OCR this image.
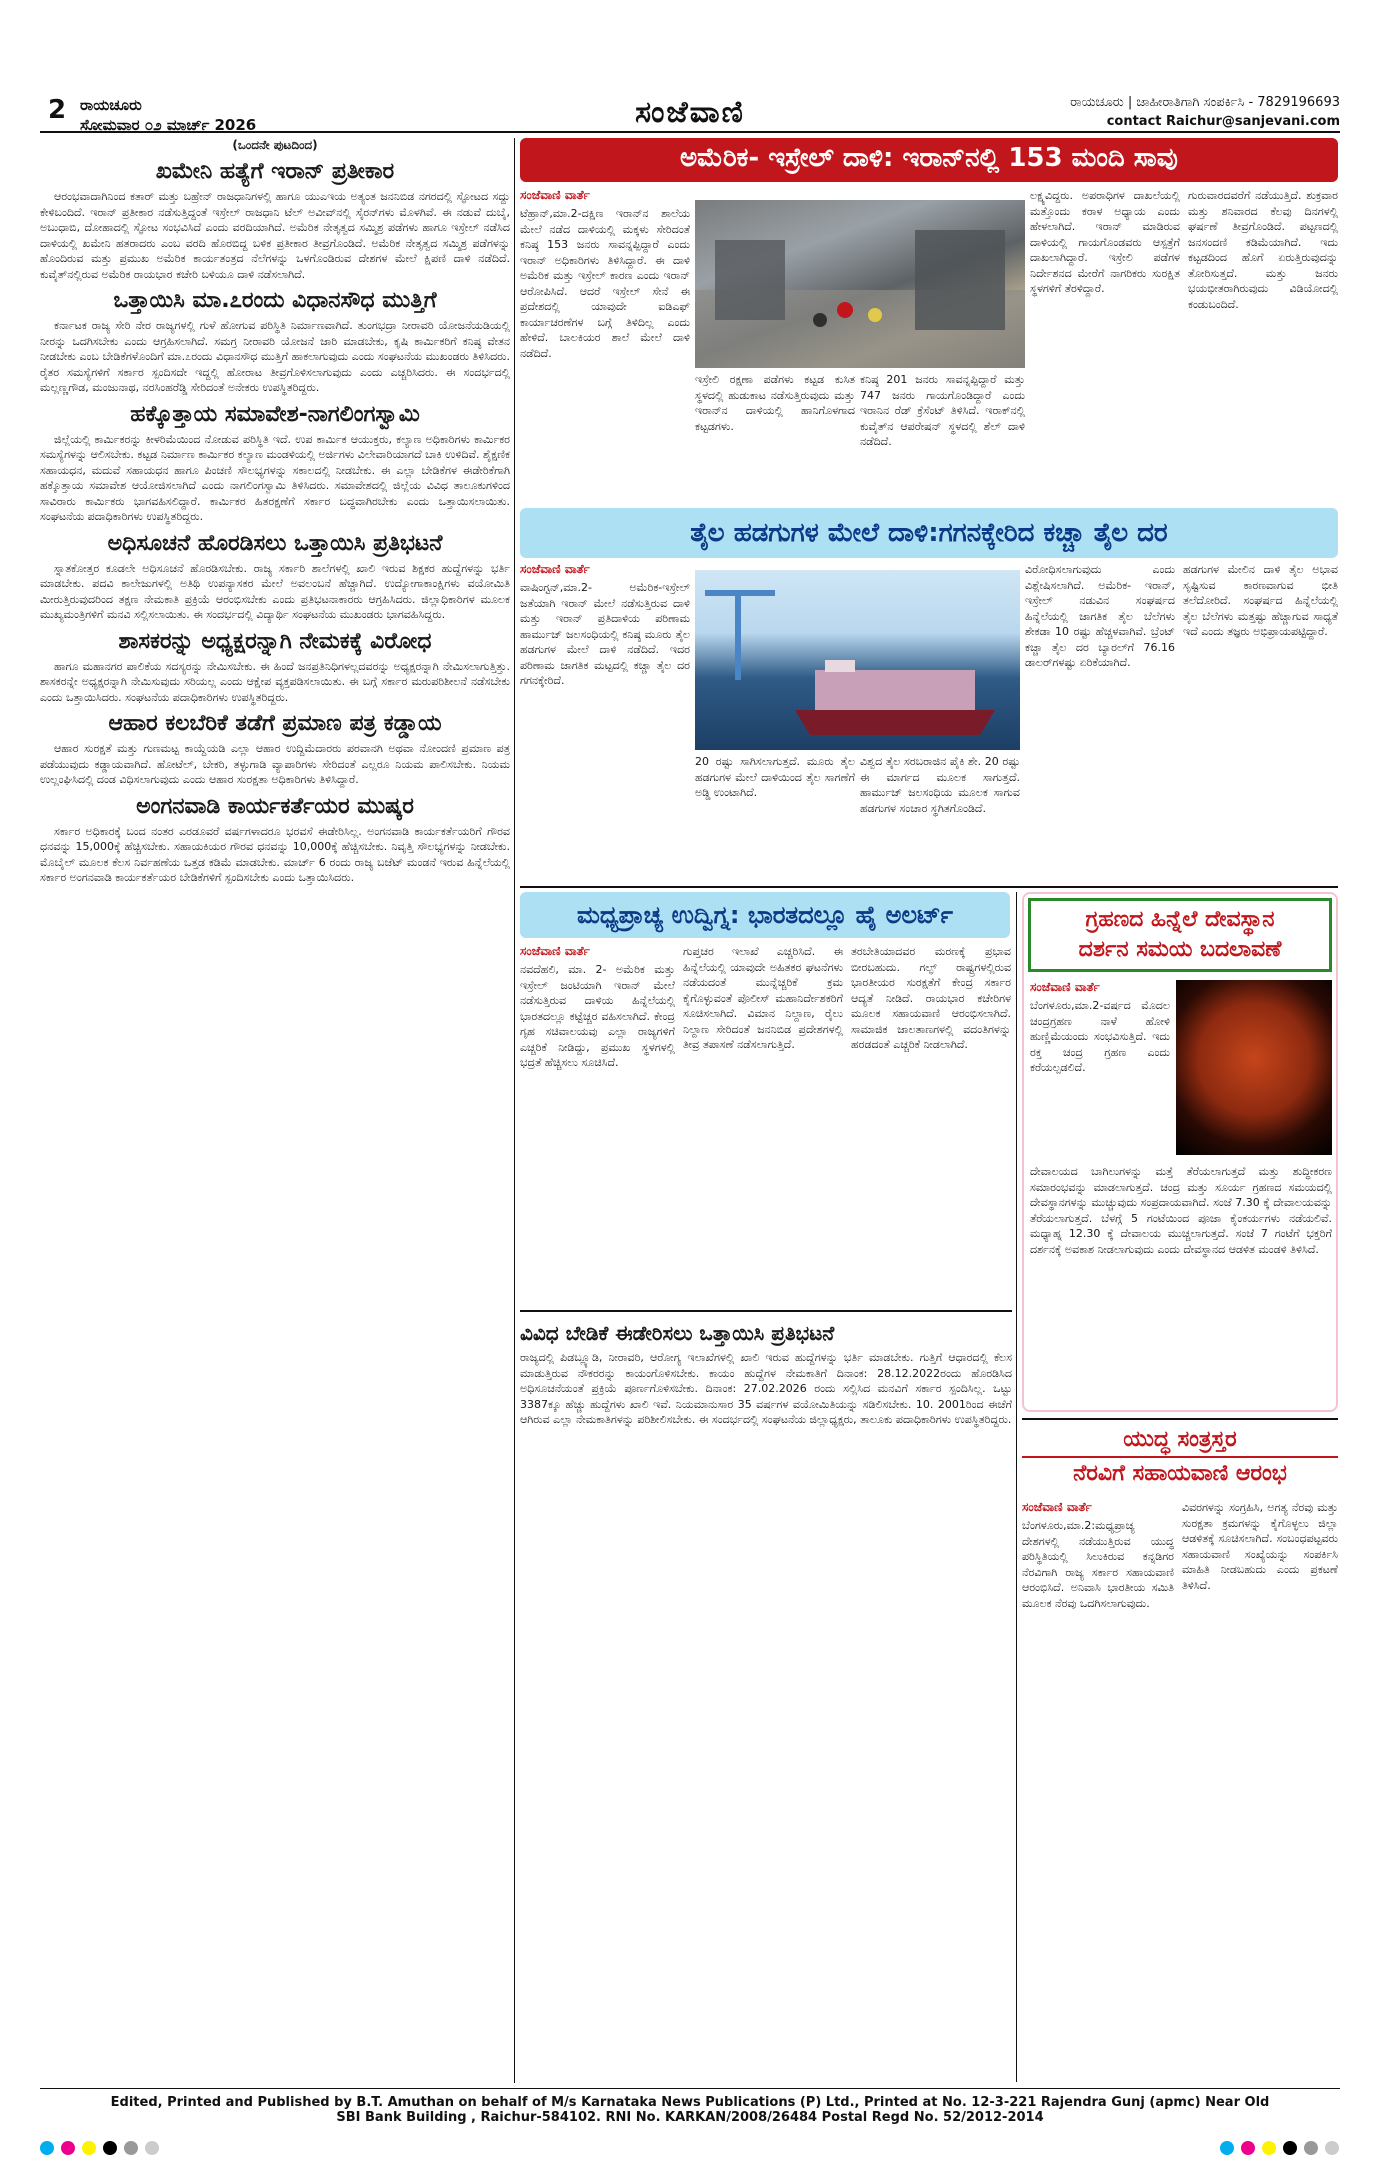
2 ರಾಯಚೂರು
ಸೋಮವಾರ ೦೨ ಮಾರ್ಚ್ 2026	ಸಂಜೆವಾಣಿ	ರಾಯಚೂರು | ಜಾಹೀರಾತಿಗಾಗಿ ಸಂಪರ್ಕಿಸಿ - 7829196693
contact Raichur@sanjevani.com
(ಒಂದನೇ ಪುಟದಿಂದ)
ಖಮೇನಿ ಹತ್ಯೆಗೆ ಇರಾನ್ ಪ್ರತೀಕಾರ

ಆರಂಭವಾದಾಗಿನಿಂದ ಕತಾರ್ ಮತ್ತು ಬಹ್ರೇನ್ ರಾಜಧಾನಿಗಳಲ್ಲಿ ಹಾಗೂ ಯುಎಇಯ ಅತ್ಯಂತ ಜನನಿಬಿಡ ನಗರದಲ್ಲಿ ಸ್ಫೋಟದ ಸದ್ದು ಕೇಳಿಬಂದಿದೆ. ಇರಾನ್ ಪ್ರತೀಕಾರ ನಡೆಸುತ್ತಿದ್ದಂತೆ ಇಸ್ರೇಲ್ ರಾಜಧಾನಿ ಟೆಲ್ ಅವೀವ್‌ನಲ್ಲಿ ಸೈರನ್‌ಗಳು ಮೊಳಗಿವೆ. ಈ ನಡುವೆ ದುಬೈ, ಅಬುಧಾಬಿ, ದೋಹಾದಲ್ಲಿ ಸ್ಫೋಟ ಸಂಭವಿಸಿದೆ ಎಂದು ವರದಿಯಾಗಿದೆ. ಅಮೆರಿಕ ನೇತೃತ್ವದ ಸಮ್ಮಿಶ್ರ ಪಡೆಗಳು ಹಾಗೂ ಇಸ್ರೇಲ್ ನಡೆಸಿದ ದಾಳಿಯಲ್ಲಿ ಖಮೇನಿ ಹತರಾದರು ಎಂಬ ವರದಿ ಹೊರಬಿದ್ದ ಬಳಿಕ ಪ್ರತೀಕಾರ ತೀವ್ರಗೊಂಡಿದೆ. ಅಮೆರಿಕ ನೇತೃತ್ವದ ಸಮ್ಮಿಶ್ರ ಪಡೆಗಳನ್ನು ಹೊಂದಿರುವ ಮತ್ತು ಪ್ರಮುಖ ಅಮೆರಿಕ ಕಾರ್ಯತಂತ್ರದ ನೆಲೆಗಳನ್ನು ಒಳಗೊಂಡಿರುವ ದೇಶಗಳ ಮೇಲೆ ಕ್ಷಿಪಣಿ ದಾಳಿ ನಡೆದಿದೆ. ಕುವೈತ್‌ನಲ್ಲಿರುವ ಅಮೆರಿಕ ರಾಯಭಾರ ಕಚೇರಿ ಬಳಿಯೂ ದಾಳಿ ನಡೆಸಲಾಗಿದೆ.

ಒತ್ತಾಯಿಸಿ ಮಾ.೭ರಂದು ವಿಧಾನಸೌಧ ಮುತ್ತಿಗೆ

ಕರ್ನಾಟಕ ರಾಜ್ಯ ಸೇರಿ ನೇರ ರಾಜ್ಯಗಳಲ್ಲಿ ಗುಳೆ ಹೋಗುವ ಪರಿಸ್ಥಿತಿ ನಿರ್ಮಾಣವಾಗಿದೆ. ತುಂಗಭದ್ರಾ ನೀರಾವರಿ ಯೋಜನೆಯಡಿಯಲ್ಲಿ ನೀರನ್ನು ಒದಗಿಸಬೇಕು ಎಂದು ಆಗ್ರಹಿಸಲಾಗಿದೆ. ಸಮಗ್ರ ನೀರಾವರಿ ಯೋಜನೆ ಜಾರಿ ಮಾಡಬೇಕು, ಕೃಷಿ ಕಾರ್ಮಿಕರಿಗೆ ಕನಿಷ್ಠ ವೇತನ ನೀಡಬೇಕು ಎಂಬ ಬೇಡಿಕೆಗಳೊಂದಿಗೆ ಮಾ.೭ರಂದು ವಿಧಾನಸೌಧ ಮುತ್ತಿಗೆ ಹಾಕಲಾಗುವುದು ಎಂದು ಸಂಘಟನೆಯ ಮುಖಂಡರು ತಿಳಿಸಿದರು. ರೈತರ ಸಮಸ್ಯೆಗಳಿಗೆ ಸರ್ಕಾರ ಸ್ಪಂದಿಸದೇ ಇದ್ದಲ್ಲಿ ಹೋರಾಟ ತೀವ್ರಗೊಳಿಸಲಾಗುವುದು ಎಂದು ಎಚ್ಚರಿಸಿದರು. ಈ ಸಂದರ್ಭದಲ್ಲಿ ಮಲ್ಲಣ್ಣಗೌಡ, ಮಂಜುನಾಥ, ನರಸಿಂಹರೆಡ್ಡಿ ಸೇರಿದಂತೆ ಅನೇಕರು ಉಪಸ್ಥಿತರಿದ್ದರು.

ಹಕ್ಕೊತ್ತಾಯ ಸಮಾವೇಶ-ನಾಗಲಿಂಗಸ್ವಾಮಿ

ಜಿಲ್ಲೆಯಲ್ಲಿ ಕಾರ್ಮಿಕರನ್ನು ಕೀಳರಿಮೆಯಿಂದ ನೋಡುವ ಪರಿಸ್ಥಿತಿ ಇದೆ. ಉಪ ಕಾರ್ಮಿಕ ಆಯುಕ್ತರು, ಕಲ್ಯಾಣ ಅಧಿಕಾರಿಗಳು ಕಾರ್ಮಿಕರ ಸಮಸ್ಯೆಗಳನ್ನು ಆಲಿಸಬೇಕು. ಕಟ್ಟಡ ನಿರ್ಮಾಣ ಕಾರ್ಮಿಕರ ಕಲ್ಯಾಣ ಮಂಡಳಿಯಲ್ಲಿ ಅರ್ಜಿಗಳು ವಿಲೇವಾರಿಯಾಗದೆ ಬಾಕಿ ಉಳಿದಿವೆ. ಶೈಕ್ಷಣಿಕ ಸಹಾಯಧನ, ಮದುವೆ ಸಹಾಯಧನ ಹಾಗೂ ಪಿಂಚಣಿ ಸೌಲಭ್ಯಗಳನ್ನು ಸಕಾಲದಲ್ಲಿ ನೀಡಬೇಕು. ಈ ಎಲ್ಲಾ ಬೇಡಿಕೆಗಳ ಈಡೇರಿಕೆಗಾಗಿ ಹಕ್ಕೊತ್ತಾಯ ಸಮಾವೇಶ ಆಯೋಜಿಸಲಾಗಿದೆ ಎಂದು ನಾಗಲಿಂಗಸ್ವಾಮಿ ತಿಳಿಸಿದರು. ಸಮಾವೇಶದಲ್ಲಿ ಜಿಲ್ಲೆಯ ವಿವಿಧ ತಾಲೂಕುಗಳಿಂದ ಸಾವಿರಾರು ಕಾರ್ಮಿಕರು ಭಾಗವಹಿಸಲಿದ್ದಾರೆ. ಕಾರ್ಮಿಕರ ಹಿತರಕ್ಷಣೆಗೆ ಸರ್ಕಾರ ಬದ್ಧವಾಗಿರಬೇಕು ಎಂದು ಒತ್ತಾಯಿಸಲಾಯಿತು. ಸಂಘಟನೆಯ ಪದಾಧಿಕಾರಿಗಳು ಉಪಸ್ಥಿತರಿದ್ದರು.

ಅಧಿಸೂಚನೆ ಹೊರಡಿಸಲು ಒತ್ತಾಯಿಸಿ ಪ್ರತಿಭಟನೆ

ಸ್ನಾತಕೋತ್ತರ ಕೂಡಲೇ ಅಧಿಸೂಚನೆ ಹೊರಡಿಸಬೇಕು. ರಾಜ್ಯ ಸರ್ಕಾರಿ ಶಾಲೆಗಳಲ್ಲಿ ಖಾಲಿ ಇರುವ ಶಿಕ್ಷಕರ ಹುದ್ದೆಗಳನ್ನು ಭರ್ತಿ ಮಾಡಬೇಕು. ಪದವಿ ಕಾಲೇಜುಗಳಲ್ಲಿ ಅತಿಥಿ ಉಪನ್ಯಾಸಕರ ಮೇಲೆ ಅವಲಂಬನೆ ಹೆಚ್ಚಾಗಿದೆ. ಉದ್ಯೋಗಾಕಾಂಕ್ಷಿಗಳು ವಯೋಮಿತಿ ಮೀರುತ್ತಿರುವುದರಿಂದ ತಕ್ಷಣ ನೇಮಕಾತಿ ಪ್ರಕ್ರಿಯೆ ಆರಂಭಿಸಬೇಕು ಎಂದು ಪ್ರತಿಭಟನಾಕಾರರು ಆಗ್ರಹಿಸಿದರು. ಜಿಲ್ಲಾಧಿಕಾರಿಗಳ ಮೂಲಕ ಮುಖ್ಯಮಂತ್ರಿಗಳಿಗೆ ಮನವಿ ಸಲ್ಲಿಸಲಾಯಿತು. ಈ ಸಂದರ್ಭದಲ್ಲಿ ವಿದ್ಯಾರ್ಥಿ ಸಂಘಟನೆಯ ಮುಖಂಡರು ಭಾಗವಹಿಸಿದ್ದರು.

ಶಾಸಕರನ್ನು ಅಧ್ಯಕ್ಷರನ್ನಾಗಿ ನೇಮಕಕ್ಕೆ ವಿರೋಧ

ಹಾಗೂ ಮಹಾನಗರ ಪಾಲಿಕೆಯ ಸದಸ್ಯರನ್ನು ನೇಮಿಸಬೇಕು. ಈ ಹಿಂದೆ ಜನಪ್ರತಿನಿಧಿಗಳಲ್ಲದವರನ್ನು ಅಧ್ಯಕ್ಷರನ್ನಾಗಿ ನೇಮಿಸಲಾಗುತ್ತಿತ್ತು. ಶಾಸಕರನ್ನೇ ಅಧ್ಯಕ್ಷರನ್ನಾಗಿ ನೇಮಿಸುವುದು ಸರಿಯಲ್ಲ ಎಂದು ಆಕ್ಷೇಪ ವ್ಯಕ್ತಪಡಿಸಲಾಯಿತು. ಈ ಬಗ್ಗೆ ಸರ್ಕಾರ ಮರುಪರಿಶೀಲನೆ ನಡೆಸಬೇಕು ಎಂದು ಒತ್ತಾಯಿಸಿದರು. ಸಂಘಟನೆಯ ಪದಾಧಿಕಾರಿಗಳು ಉಪಸ್ಥಿತರಿದ್ದರು.

ಆಹಾರ ಕಲಬೆರಿಕೆ ತಡೆಗೆ ಪ್ರಮಾಣ ಪತ್ರ ಕಡ್ಡಾಯ

ಆಹಾರ ಸುರಕ್ಷತೆ ಮತ್ತು ಗುಣಮಟ್ಟ ಕಾಯ್ದೆಯಡಿ ಎಲ್ಲಾ ಆಹಾರ ಉದ್ದಿಮೆದಾರರು ಪರವಾನಗಿ ಅಥವಾ ನೋಂದಣಿ ಪ್ರಮಾಣ ಪತ್ರ ಪಡೆಯುವುದು ಕಡ್ಡಾಯವಾಗಿದೆ. ಹೋಟೆಲ್, ಬೇಕರಿ, ತಳ್ಳುಗಾಡಿ ವ್ಯಾಪಾರಿಗಳು ಸೇರಿದಂತೆ ಎಲ್ಲರೂ ನಿಯಮ ಪಾಲಿಸಬೇಕು. ನಿಯಮ ಉಲ್ಲಂಘಿಸಿದಲ್ಲಿ ದಂಡ ವಿಧಿಸಲಾಗುವುದು ಎಂದು ಆಹಾರ ಸುರಕ್ಷತಾ ಅಧಿಕಾರಿಗಳು ತಿಳಿಸಿದ್ದಾರೆ.

ಅಂಗನವಾಡಿ ಕಾರ್ಯಕರ್ತೆಯರ ಮುಷ್ಕರ

ಸರ್ಕಾರ ಅಧಿಕಾರಕ್ಕೆ ಬಂದ ನಂತರ ಎರಡೂವರೆ ವರ್ಷಗಳಾದರೂ ಭರವಸೆ ಈಡೇರಿಸಿಲ್ಲ. ಅಂಗನವಾಡಿ ಕಾರ್ಯಕರ್ತೆಯರಿಗೆ ಗೌರವ ಧನವನ್ನು 15,000ಕ್ಕೆ ಹೆಚ್ಚಿಸಬೇಕು. ಸಹಾಯಕಿಯರ ಗೌರವ ಧನವನ್ನು 10,000ಕ್ಕೆ ಹೆಚ್ಚಿಸಬೇಕು. ನಿವೃತ್ತಿ ಸೌಲಭ್ಯಗಳನ್ನು ನೀಡಬೇಕು. ಮೊಬೈಲ್ ಮೂಲಕ ಕೆಲಸ ನಿರ್ವಹಣೆಯ ಒತ್ತಡ ಕಡಿಮೆ ಮಾಡಬೇಕು. ಮಾರ್ಚ್ 6 ರಂದು ರಾಜ್ಯ ಬಜೆಟ್ ಮಂಡನೆ ಇರುವ ಹಿನ್ನೆಲೆಯಲ್ಲಿ ಸರ್ಕಾರ ಅಂಗನವಾಡಿ ಕಾರ್ಯಕರ್ತೆಯರ ಬೇಡಿಕೆಗಳಿಗೆ ಸ್ಪಂದಿಸಬೇಕು ಎಂದು ಒತ್ತಾಯಿಸಿದರು.

ಅಮೆರಿಕ- ಇಸ್ರೇಲ್ ದಾಳಿ: ಇರಾನ್‌ನಲ್ಲಿ 153 ಮಂದಿ ಸಾವು
ಸಂಜೆವಾಣಿ ವಾರ್ತೆ
ಟೆಹ್ರಾನ್,ಮಾ.2-ದಕ್ಷಿಣ ಇರಾನ್‌ನ ಶಾಲೆಯ ಮೇಲೆ ನಡೆದ ದಾಳಿಯಲ್ಲಿ ಮಕ್ಕಳು ಸೇರಿದಂತೆ ಕನಿಷ್ಠ 153 ಜನರು ಸಾವನ್ನಪ್ಪಿದ್ದಾರೆ ಎಂದು ಇರಾನ್ ಅಧಿಕಾರಿಗಳು ತಿಳಿಸಿದ್ದಾರೆ. ಈ ದಾಳಿ ಅಮೆರಿಕ ಮತ್ತು ಇಸ್ರೇಲ್ ಕಾರಣ ಎಂದು ಇರಾನ್ ಆರೋಪಿಸಿದೆ. ಆದರೆ ಇಸ್ರೇಲ್ ಸೇನೆ ಈ ಪ್ರದೇಶದಲ್ಲಿ ಯಾವುದೇ ಐಡಿಎಫ್ ಕಾರ್ಯಾಚರಣೆಗಳ ಬಗ್ಗೆ ತಿಳಿದಿಲ್ಲ ಎಂದು ಹೇಳಿದೆ. ಬಾಲಕಿಯರ ಶಾಲೆ ಮೇಲೆ ದಾಳಿ ನಡೆದಿದೆ.
ಇಸ್ರೇಲಿ ರಕ್ಷಣಾ ಪಡೆಗಳು ಕಟ್ಟಡ ಕುಸಿತ ಸ್ಥಳದಲ್ಲಿ ಹುಡುಕಾಟ ನಡೆಸುತ್ತಿರುವುದು ಮತ್ತು ಇರಾನ್‌ನ ದಾಳಿಯಲ್ಲಿ ಹಾನಿಗೊಳಗಾದ ಕಟ್ಟಡಗಳು.
ಕನಿಷ್ಠ 201 ಜನರು ಸಾವನ್ನಪ್ಪಿದ್ದಾರೆ ಮತ್ತು 747 ಜನರು ಗಾಯಗೊಂಡಿದ್ದಾರೆ ಎಂದು ಇರಾನಿನ ರೆಡ್ ಕ್ರೆಸೆಂಟ್ ತಿಳಿಸಿದೆ. ಇರಾಕ್‌ನಲ್ಲಿ ಕುವೈತ್‌ನ ಆಪರೇಷನ್ ಸ್ಥಳದಲ್ಲಿ ಶೆಲ್ ದಾಳಿ ನಡೆದಿದೆ.
ಲಕ್ಷ್ಯವಿದ್ದರು. ಅಪರಾಧಿಗಳ ದಾಖಲೆಯಲ್ಲಿ ಮತ್ತೊಂದು ಕರಾಳ ಅಧ್ಯಾಯ ಎಂದು ಹೇಳಲಾಗಿದೆ. ಇರಾನ್ ಮಾಡಿರುವ ದಾಳಿಯಲ್ಲಿ ಗಾಯಗೊಂಡವರು ಆಸ್ಪತ್ರೆಗೆ ದಾಖಲಾಗಿದ್ದಾರೆ. ಇಸ್ರೇಲಿ ಪಡೆಗಳ ನಿರ್ದೇಶನದ ಮೇರೆಗೆ ನಾಗರಿಕರು ಸುರಕ್ಷಿತ ಸ್ಥಳಗಳಿಗೆ ತೆರಳಿದ್ದಾರೆ.
ಗುರುವಾರದವರೆಗೆ ನಡೆಯುತ್ತಿದೆ. ಶುಕ್ರವಾರ ಮತ್ತು ಶನಿವಾರದ ಕೆಲವು ದಿನಗಳಲ್ಲಿ ಘರ್ಷಣೆ ತೀವ್ರಗೊಂಡಿದೆ. ಪಟ್ಟಣದಲ್ಲಿ ಜನಸಂದಣಿ ಕಡಿಮೆಯಾಗಿದೆ. ಇದು ಕಟ್ಟಡದಿಂದ ಹೊಗೆ ಏರುತ್ತಿರುವುದನ್ನು ತೋರಿಸುತ್ತದೆ. ಮತ್ತು ಜನರು ಭಯಭೀತರಾಗಿರುವುದು ವಿಡಿಯೋದಲ್ಲಿ ಕಂಡುಬಂದಿದೆ.
ತೈಲ ಹಡಗುಗಳ ಮೇಲೆ ದಾಳಿ:ಗಗನಕ್ಕೇರಿದ ಕಚ್ಚಾ ತೈಲ ದರ
ಸಂಜೆವಾಣಿ ವಾರ್ತೆ
ವಾಷಿಂಗ್ಟನ್,ಮಾ.2- ಅಮೆರಿಕ-ಇಸ್ರೇಲ್ ಜತೆಯಾಗಿ ಇರಾನ್ ಮೇಲೆ ನಡೆಸುತ್ತಿರುವ ದಾಳಿ ಮತ್ತು ಇರಾನ್ ಪ್ರತಿದಾಳಿಯ ಪರಿಣಾಮ ಹಾರ್ಮುಜ್ ಜಲಸಂಧಿಯಲ್ಲಿ ಕನಿಷ್ಠ ಮೂರು ತೈಲ ಹಡಗುಗಳ ಮೇಲೆ ದಾಳಿ ನಡೆದಿದೆ. ಇದರ ಪರಿಣಾಮ ಜಾಗತಿಕ ಮಟ್ಟದಲ್ಲಿ ಕಚ್ಚಾ ತೈಲ ದರ ಗಗನಕ್ಕೇರಿದೆ.
20 ರಷ್ಟು ಸಾಗಿಸಲಾಗುತ್ತದೆ. ಮೂರು ತೈಲ ಹಡಗುಗಳ ಮೇಲೆ ದಾಳಿಯಿಂದ ತೈಲ ಸಾಗಣೆಗೆ ಅಡ್ಡಿ ಉಂಟಾಗಿದೆ.
ವಿಶ್ವದ ತೈಲ ಸರಬರಾಜಿನ ಪೈಕಿ ಶೇ. 20 ರಷ್ಟು ಈ ಮಾರ್ಗದ ಮೂಲಕ ಸಾಗುತ್ತದೆ. ಹಾರ್ಮುಜ್ ಜಲಸಂಧಿಯ ಮೂಲಕ ಸಾಗುವ ಹಡಗುಗಳ ಸಂಚಾರ ಸ್ಥಗಿತಗೊಂಡಿದೆ.
ವಿರೋಧಿಸಲಾಗುವುದು ಎಂದು ವಿಶ್ಲೇಷಿಸಲಾಗಿದೆ. ಅಮೆರಿಕ- ಇರಾನ್, ಇಸ್ರೇಲ್ ನಡುವಿನ ಸಂಘರ್ಷದ ಹಿನ್ನೆಲೆಯಲ್ಲಿ ಜಾಗತಿಕ ತೈಲ ಬೆಲೆಗಳು ಶೇಕಡಾ 10 ರಷ್ಟು ಹೆಚ್ಚಳವಾಗಿವೆ. ಬ್ರೆಂಟ್ ಕಚ್ಚಾ ತೈಲ ದರ ಬ್ಯಾರಲ್‌ಗೆ 76.16 ಡಾಲರ್‌ಗಳಷ್ಟು ಏರಿಕೆಯಾಗಿದೆ.
ಹಡಗುಗಳ ಮೇಲಿನ ದಾಳಿ ತೈಲ ಅಭಾವ ಸೃಷ್ಟಿಸುವ ಕಾರಣವಾಗುವ ಭೀತಿ ತಲೆದೋರಿದೆ. ಸಂಘರ್ಷದ ಹಿನ್ನೆಲೆಯಲ್ಲಿ ತೈಲ ಬೆಲೆಗಳು ಮತ್ತಷ್ಟು ಹೆಚ್ಚಾಗುವ ಸಾಧ್ಯತೆ ಇದೆ ಎಂದು ತಜ್ಞರು ಅಭಿಪ್ರಾಯಪಟ್ಟಿದ್ದಾರೆ.
ಮಧ್ಯಪ್ರಾಚ್ಯ ಉದ್ವಿಗ್ನ: ಭಾರತದಲ್ಲೂ ಹೈ ಅಲರ್ಟ್
ಸಂಜೆವಾಣಿ ವಾರ್ತೆ
ನವದೆಹಲಿ, ಮಾ. 2- ಅಮೆರಿಕ ಮತ್ತು ಇಸ್ರೇಲ್ ಜಂಟಿಯಾಗಿ ಇರಾನ್ ಮೇಲೆ ನಡೆಸುತ್ತಿರುವ ದಾಳಿಯ ಹಿನ್ನೆಲೆಯಲ್ಲಿ ಭಾರತದಲ್ಲೂ ಕಟ್ಟೆಚ್ಚರ ವಹಿಸಲಾಗಿದೆ. ಕೇಂದ್ರ ಗೃಹ ಸಚಿವಾಲಯವು ಎಲ್ಲಾ ರಾಜ್ಯಗಳಿಗೆ ಎಚ್ಚರಿಕೆ ನೀಡಿದ್ದು, ಪ್ರಮುಖ ಸ್ಥಳಗಳಲ್ಲಿ ಭದ್ರತೆ ಹೆಚ್ಚಿಸಲು ಸೂಚಿಸಿದೆ.
ಗುಪ್ತಚರ ಇಲಾಖೆ ಎಚ್ಚರಿಸಿದೆ. ಈ ಹಿನ್ನೆಲೆಯಲ್ಲಿ ಯಾವುದೇ ಅಹಿತಕರ ಘಟನೆಗಳು ನಡೆಯದಂತೆ ಮುನ್ನೆಚ್ಚರಿಕೆ ಕ್ರಮ ಕೈಗೊಳ್ಳುವಂತೆ ಪೊಲೀಸ್ ಮಹಾನಿರ್ದೇಶಕರಿಗೆ ಸೂಚಿಸಲಾಗಿದೆ. ವಿಮಾನ ನಿಲ್ದಾಣ, ರೈಲು ನಿಲ್ದಾಣ ಸೇರಿದಂತೆ ಜನನಿಬಿಡ ಪ್ರದೇಶಗಳಲ್ಲಿ ತೀವ್ರ ತಪಾಸಣೆ ನಡೆಸಲಾಗುತ್ತಿದೆ.
ತರಬೇತಿಯಾದವರ ಮರಣಕ್ಕೆ ಪ್ರಭಾವ ಬೀರಬಹುದು. ಗಲ್ಫ್ ರಾಷ್ಟ್ರಗಳಲ್ಲಿರುವ ಭಾರತೀಯರ ಸುರಕ್ಷತೆಗೆ ಕೇಂದ್ರ ಸರ್ಕಾರ ಆದ್ಯತೆ ನೀಡಿದೆ. ರಾಯಭಾರ ಕಚೇರಿಗಳ ಮೂಲಕ ಸಹಾಯವಾಣಿ ಆರಂಭಿಸಲಾಗಿದೆ. ಸಾಮಾಜಿಕ ಜಾಲತಾಣಗಳಲ್ಲಿ ವದಂತಿಗಳನ್ನು ಹರಡದಂತೆ ಎಚ್ಚರಿಕೆ ನೀಡಲಾಗಿದೆ.
ವಿವಿಧ ಬೇಡಿಕೆ ಈಡೇರಿಸಲು ಒತ್ತಾಯಿಸಿ ಪ್ರತಿಭಟನೆ
ರಾಜ್ಯದಲ್ಲಿ ಪಿಡಬ್ಲ್ಯೂಡಿ, ನೀರಾವರಿ, ಆರೋಗ್ಯ ಇಲಾಖೆಗಳಲ್ಲಿ ಖಾಲಿ ಇರುವ ಹುದ್ದೆಗಳನ್ನು ಭರ್ತಿ ಮಾಡಬೇಕು. ಗುತ್ತಿಗೆ ಆಧಾರದಲ್ಲಿ ಕೆಲಸ ಮಾಡುತ್ತಿರುವ ನೌಕರರನ್ನು ಕಾಯಂಗೊಳಿಸಬೇಕು. ಕಾಯಂ ಹುದ್ದೆಗಳ ನೇಮಕಾತಿಗೆ ದಿನಾಂಕ: 28.12.2022ರಂದು ಹೊರಡಿಸಿದ ಅಧಿಸೂಚನೆಯಂತೆ ಪ್ರಕ್ರಿಯೆ ಪೂರ್ಣಗೊಳಿಸಬೇಕು. ದಿನಾಂಕ: 27.02.2026 ರಂದು ಸಲ್ಲಿಸಿದ ಮನವಿಗೆ ಸರ್ಕಾರ ಸ್ಪಂದಿಸಿಲ್ಲ. ಒಟ್ಟು 3387ಕ್ಕೂ ಹೆಚ್ಚು ಹುದ್ದೆಗಳು ಖಾಲಿ ಇವೆ. ನಿಯಮಾನುಸಾರ 35 ವರ್ಷಗಳ ವಯೋಮಿತಿಯನ್ನು ಸಡಿಲಿಸಬೇಕು. 10. 2001ರಿಂದ ಈಚೆಗೆ ಆಗಿರುವ ಎಲ್ಲಾ ನೇಮಕಾತಿಗಳನ್ನು ಪರಿಶೀಲಿಸಬೇಕು. ಈ ಸಂದರ್ಭದಲ್ಲಿ ಸಂಘಟನೆಯ ಜಿಲ್ಲಾಧ್ಯಕ್ಷರು, ತಾಲೂಕು ಪದಾಧಿಕಾರಿಗಳು ಉಪಸ್ಥಿತರಿದ್ದರು.
ಗ್ರಹಣದ ಹಿನ್ನೆಲೆ ದೇವಸ್ಥಾನ
ದರ್ಶನ ಸಮಯ ಬದಲಾವಣೆ
ಸಂಜೆವಾಣಿ ವಾರ್ತೆ
ಬೆಂಗಳೂರು,ಮಾ.2-ವರ್ಷದ ಮೊದಲ ಚಂದ್ರಗ್ರಹಣ ನಾಳೆ ಹೋಳಿ ಹುಣ್ಣಿಮೆಯಂದು ಸಂಭವಿಸುತ್ತಿದೆ. ಇದು ರಕ್ತ ಚಂದ್ರ ಗ್ರಹಣ ಎಂದು ಕರೆಯಲ್ಪಡಲಿದೆ.
ದೇವಾಲಯದ ಬಾಗಿಲುಗಳನ್ನು ಮತ್ತೆ ತೆರೆಯಲಾಗುತ್ತದೆ ಮತ್ತು ಶುದ್ಧೀಕರಣ ಸಮಾರಂಭವನ್ನು ಮಾಡಲಾಗುತ್ತದೆ. ಚಂದ್ರ ಮತ್ತು ಸೂರ್ಯ ಗ್ರಹಣದ ಸಮಯದಲ್ಲಿ ದೇವಸ್ಥಾನಗಳನ್ನು ಮುಚ್ಚುವುದು ಸಂಪ್ರದಾಯವಾಗಿದೆ. ಸಂಜೆ 7.30 ಕ್ಕೆ ದೇವಾಲಯವನ್ನು ತೆರೆಯಲಾಗುತ್ತದೆ. ಬೆಳಗ್ಗೆ 5 ಗಂಟೆಯಿಂದ ಪೂಜಾ ಕೈಂಕರ್ಯಗಳು ನಡೆಯಲಿವೆ. ಮಧ್ಯಾಹ್ನ 12.30 ಕ್ಕೆ ದೇವಾಲಯ ಮುಚ್ಚಲಾಗುತ್ತದೆ. ಸಂಜೆ 7 ಗಂಟೆಗೆ ಭಕ್ತರಿಗೆ ದರ್ಶನಕ್ಕೆ ಅವಕಾಶ ನೀಡಲಾಗುವುದು ಎಂದು ದೇವಸ್ಥಾನದ ಆಡಳಿತ ಮಂಡಳಿ ತಿಳಿಸಿದೆ.
ಯುದ್ಧ ಸಂತ್ರಸ್ತರ
ನೆರವಿಗೆ ಸಹಾಯವಾಣಿ ಆರಂಭ
ಸಂಜೆವಾಣಿ ವಾರ್ತೆ
ಬೆಂಗಳೂರು,ಮಾ.2:ಮಧ್ಯಪ್ರಾಚ್ಯ ದೇಶಗಳಲ್ಲಿ ನಡೆಯುತ್ತಿರುವ ಯುದ್ಧ ಪರಿಸ್ಥಿತಿಯಲ್ಲಿ ಸಿಲುಕಿರುವ ಕನ್ನಡಿಗರ ನೆರವಿಗಾಗಿ ರಾಜ್ಯ ಸರ್ಕಾರ ಸಹಾಯವಾಣಿ ಆರಂಭಿಸಿದೆ. ಅನಿವಾಸಿ ಭಾರತೀಯ ಸಮಿತಿ ಮೂಲಕ ನೆರವು ಒದಗಿಸಲಾಗುವುದು.
ವಿವರಗಳನ್ನು ಸಂಗ್ರಹಿಸಿ, ಅಗತ್ಯ ನೆರವು ಮತ್ತು ಸುರಕ್ಷತಾ ಕ್ರಮಗಳನ್ನು ಕೈಗೊಳ್ಳಲು ಜಿಲ್ಲಾ ಆಡಳಿತಕ್ಕೆ ಸೂಚಿಸಲಾಗಿದೆ. ಸಂಬಂಧಪಟ್ಟವರು ಸಹಾಯವಾಣಿ ಸಂಖ್ಯೆಯನ್ನು ಸಂಪರ್ಕಿಸಿ ಮಾಹಿತಿ ನೀಡಬಹುದು ಎಂದು ಪ್ರಕಟಣೆ ತಿಳಿಸಿದೆ.
Edited, Printed and Published by B.T. Amuthan on behalf of M/s Karnataka News Publications (P) Ltd., Printed at No. 12-3-221 Rajendra Gunj (apmc) Near Old SBI Bank Building , Raichur-584102. RNI No. KARKAN/2008/26484 Postal Regd No. 52/2012-2014
